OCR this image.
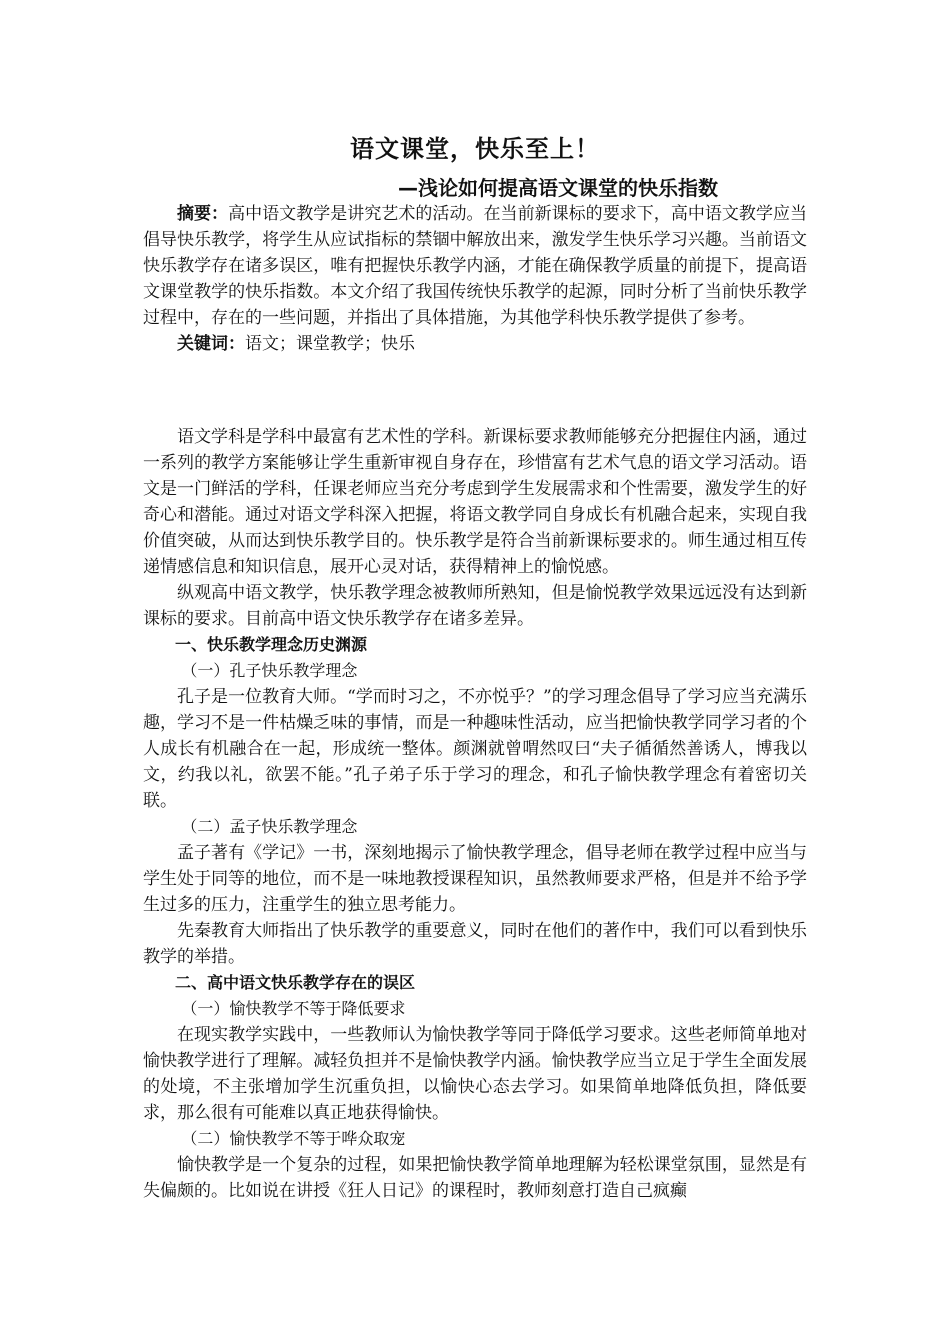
语文课堂，快乐至上！
—浅论如何提高语文课堂的快乐指数

摘要：高中语文教学是讲究艺术的活动。在当前新课标的要求下，高中语文教学应当倡导快乐教学，将学生从应试指标的禁锢中解放出来，激发学生快乐学习兴趣。当前语文快乐教学存在诸多误区，唯有把握快乐教学内涵，才能在确保教学质量的前提下，提高语文课堂教学的快乐指数。本文介绍了我国传统快乐教学的起源，同时分析了当前快乐教学过程中，存在的一些问题，并指出了具体措施，为其他学科快乐教学提供了参考。

关键词：语文；课堂教学；快乐

语文学科是学科中最富有艺术性的学科。新课标要求教师能够充分把握住内涵，通过一系列的教学方案能够让学生重新审视自身存在，珍惜富有艺术气息的语文学习活动。语文是一门鲜活的学科，任课老师应当充分考虑到学生发展需求和个性需要，激发学生的好奇心和潜能。通过对语文学科深入把握，将语文教学同自身成长有机融合起来，实现自我价值突破，从而达到快乐教学目的。快乐教学是符合当前新课标要求的。师生通过相互传递情感信息和知识信息，展开心灵对话，获得精神上的愉悦感。

纵观高中语文教学，快乐教学理念被教师所熟知，但是愉悦教学效果远远没有达到新课标的要求。目前高中语文快乐教学存在诸多差异。

一、快乐教学理念历史渊源
（一）孔子快乐教学理念

孔子是一位教育大师。“学而时习之，不亦悦乎？”的学习理念倡导了学习应当充满乐趣，学习不是一件枯燥乏味的事情，而是一种趣味性活动，应当把愉快教学同学习者的个人成长有机融合在一起，形成统一整体。颜渊就曾喟然叹曰“夫子循循然善诱人，博我以文，约我以礼，欲罢不能。”孔子弟子乐于学习的理念，和孔子愉快教学理念有着密切关联。

（二）孟子快乐教学理念

孟子著有《学记》一书，深刻地揭示了愉快教学理念，倡导老师在教学过程中应当与学生处于同等的地位，而不是一味地教授课程知识，虽然教师要求严格，但是并不给予学生过多的压力，注重学生的独立思考能力。

先秦教育大师指出了快乐教学的重要意义，同时在他们的著作中，我们可以看到快乐教学的举措。

二、高中语文快乐教学存在的误区
（一）愉快教学不等于降低要求

在现实教学实践中，一些教师认为愉快教学等同于降低学习要求。这些老师简单地对愉快教学进行了理解。减轻负担并不是愉快教学内涵。愉快教学应当立足于学生全面发展的处境，不主张增加学生沉重负担，以愉快心态去学习。如果简单地降低负担，降低要求，那么很有可能难以真正地获得愉快。

（二）愉快教学不等于哗众取宠

愉快教学是一个复杂的过程，如果把愉快教学简单地理解为轻松课堂氛围，显然是有失偏颇的。比如说在讲授《狂人日记》的课程时，教师刻意打造自己疯癫
